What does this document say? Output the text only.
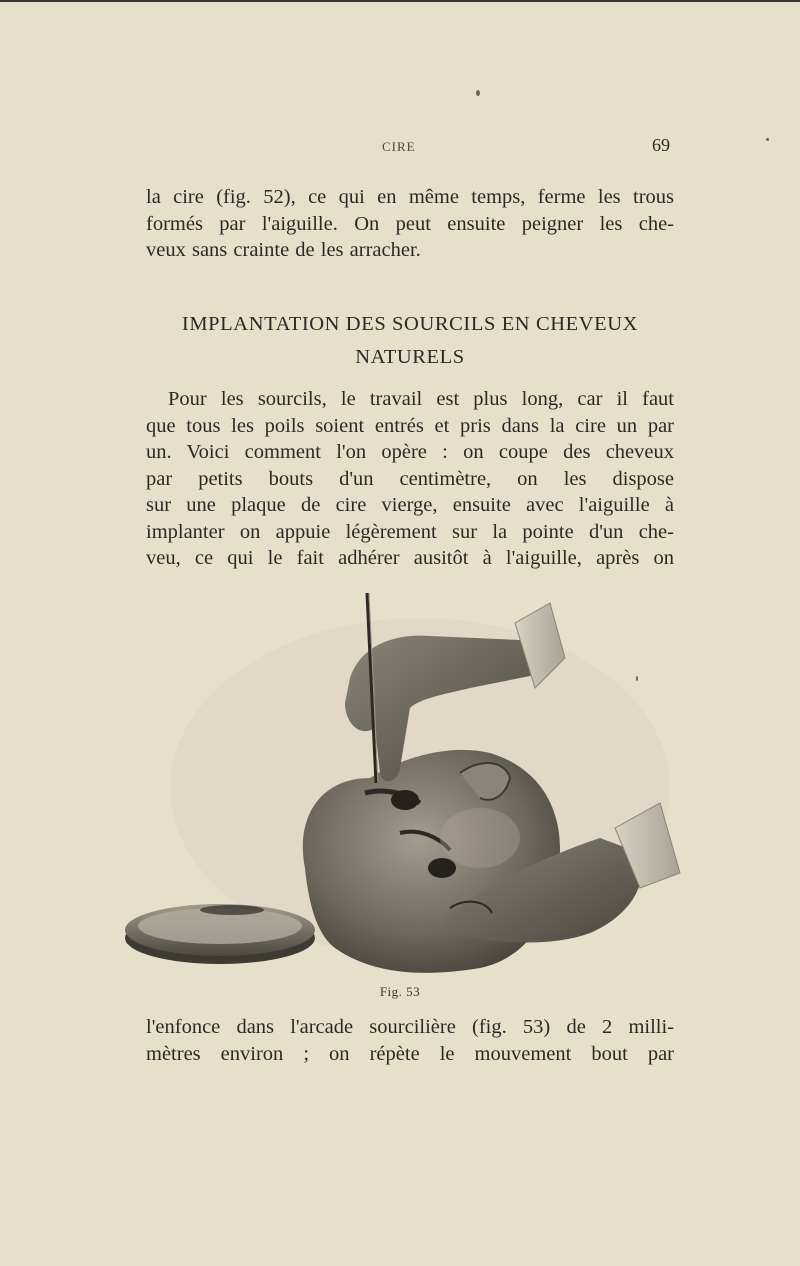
CIRE	69
la cire (fig. 52), ce qui en même temps, ferme les trous
formés par l'aiguille. On peut ensuite peigner les che-
veux sans crainte de les arracher.
IMPLANTATION DES SOURCILS EN CHEVEUX
NATURELS
Pour les sourcils, le travail est plus long, car il faut
que tous les poils soient entrés et pris dans la cire un par
un. Voici comment l'on opère : on coupe des cheveux
par petits bouts d'un centimètre, on les dispose
sur une plaque de cire vierge, ensuite avec l'aiguille à
implanter on appuie légèrement sur la pointe d'un che-
veu, ce qui le fait adhérer ausitôt à l'aiguille, après on
Fig. 53
l'enfonce dans l'arcade sourcilière (fig. 53) de 2 milli-
mètres environ ; on répète le mouvement bout par
